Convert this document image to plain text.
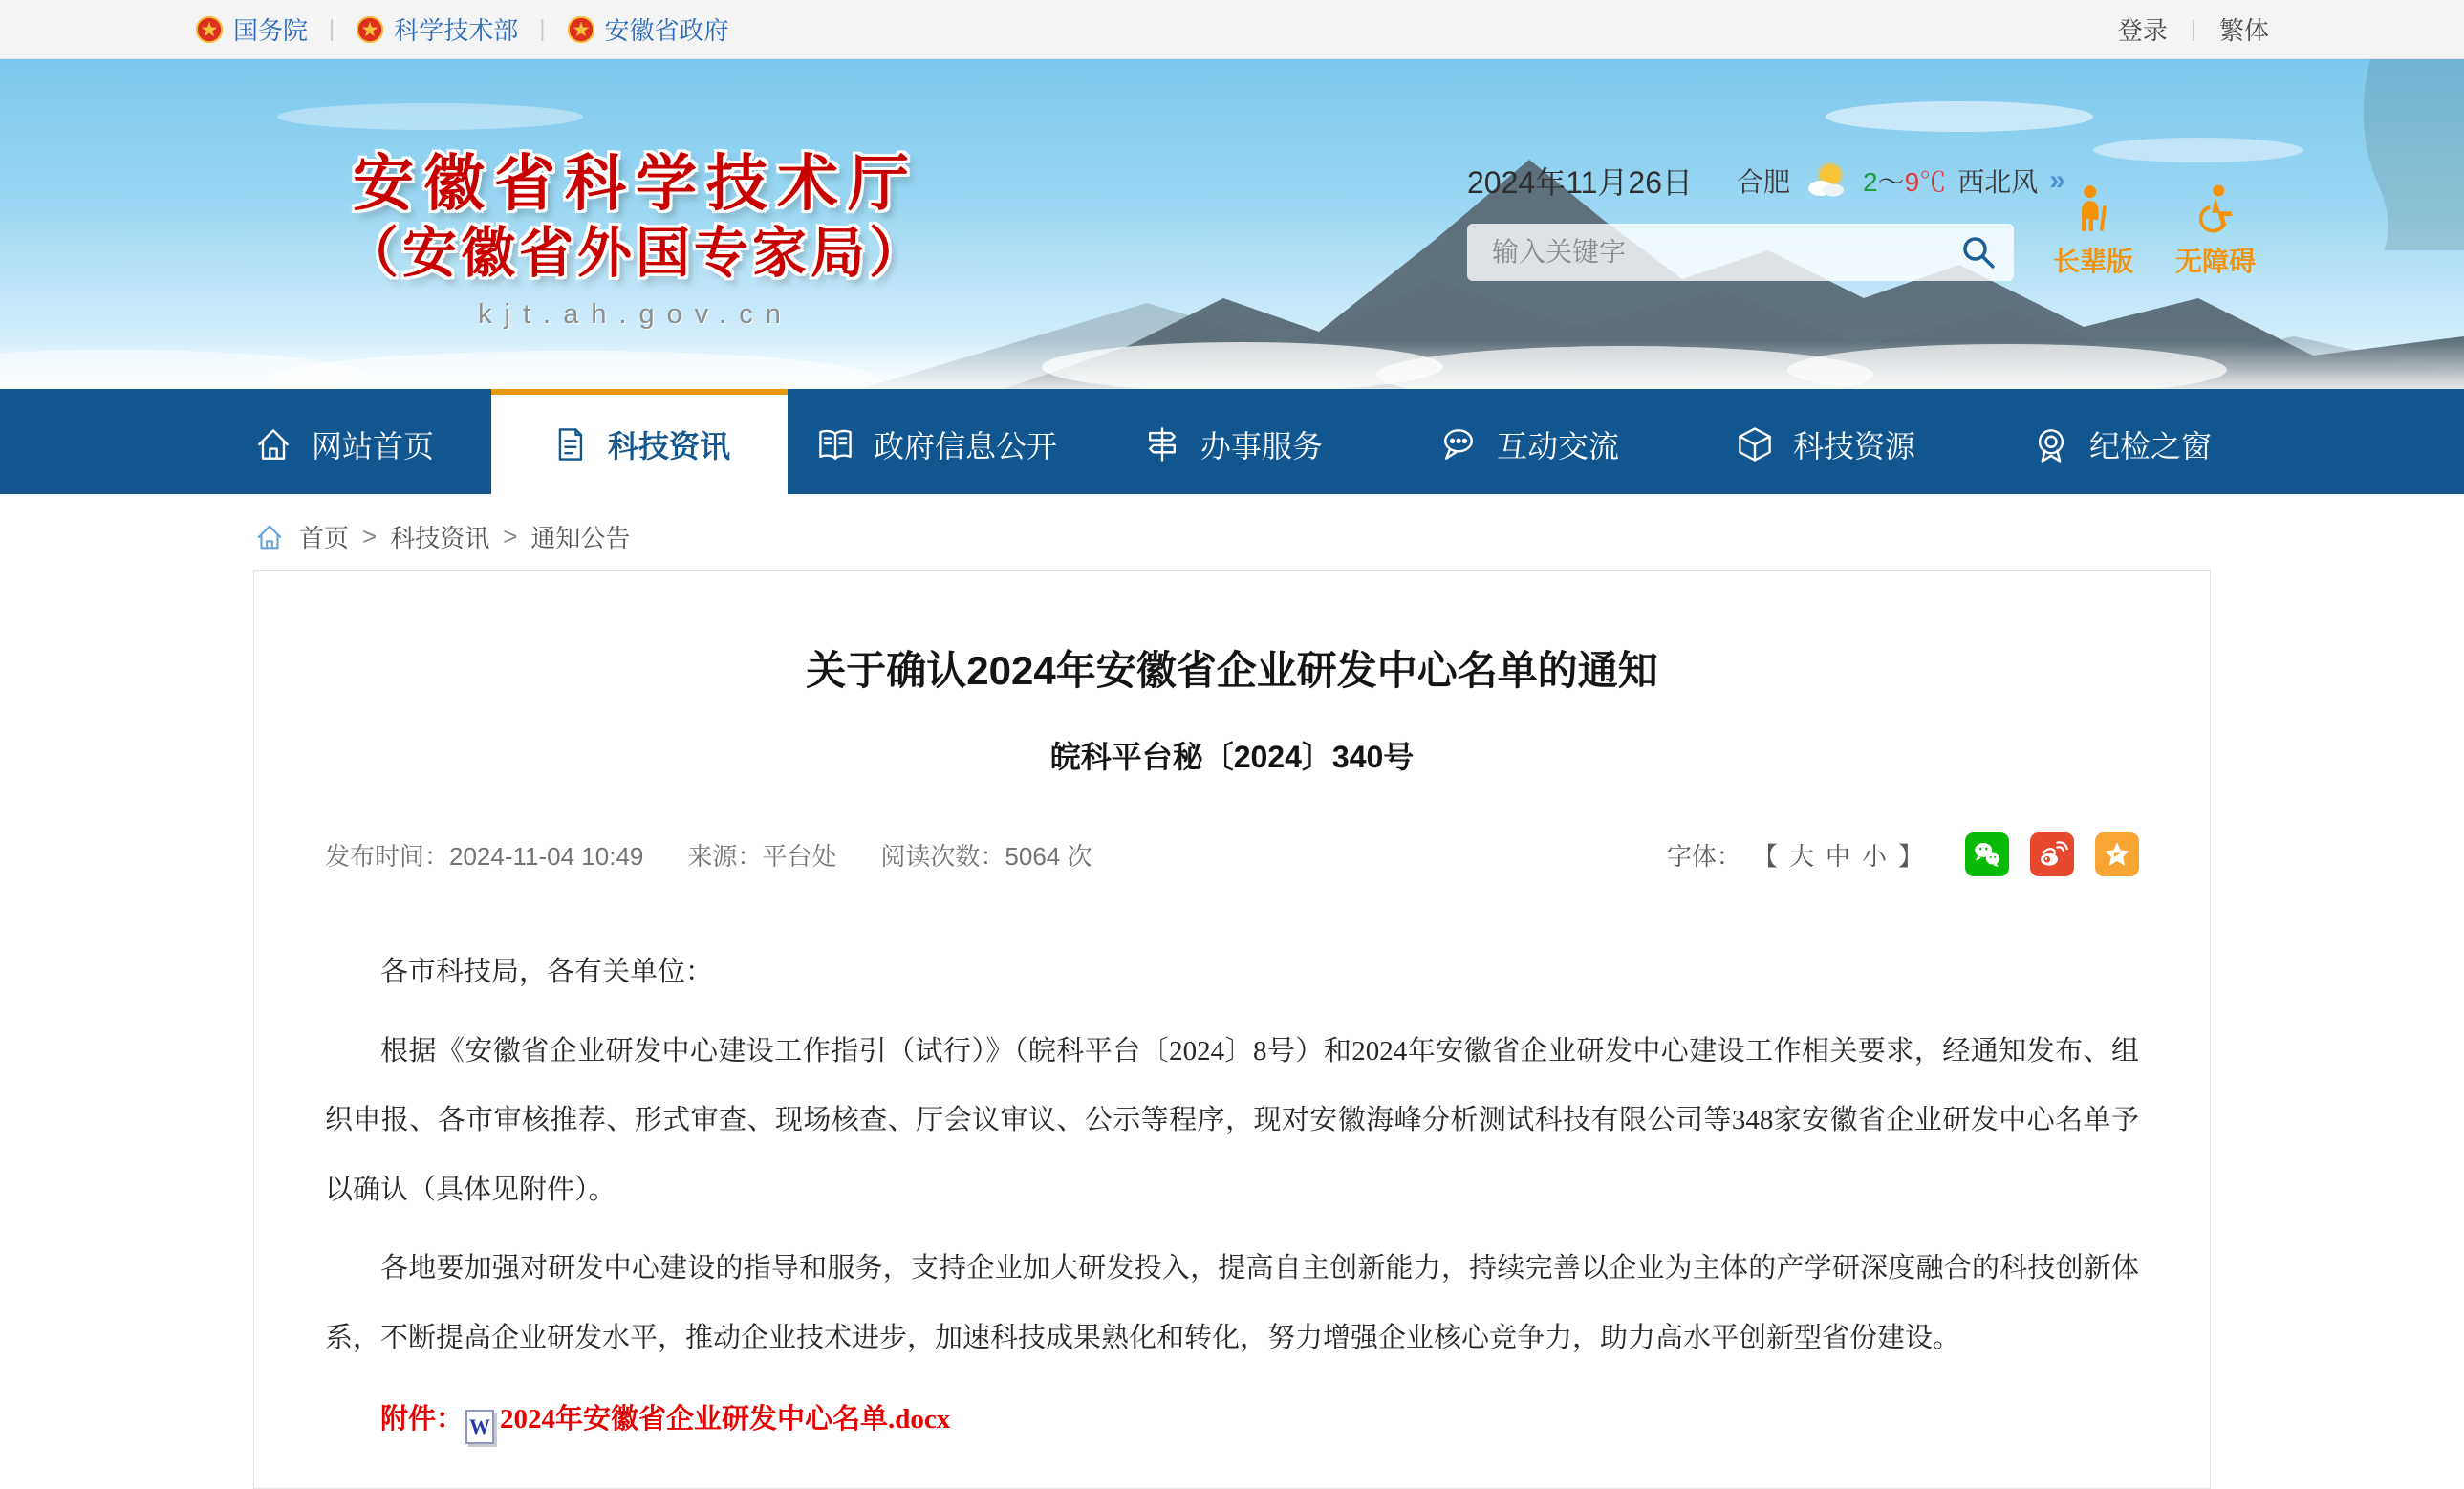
国务院 | 科学技术部 | 安徽省政府	登录 | 繁体
安徽省科学技术厅
（安徽省外国专家局）
kjt.ah.gov.cn
2024年11月26日 合肥	2～9℃ 西北风 »
输入关键字
长辈版 无障碍
网站首页	科技资讯	政府信息公开	办事服务	互动交流	科技资源	纪检之窗
首页 > 科技资讯 > 通知公告
关于确认2024年安徽省企业研发中心名单的通知
皖科平台秘〔2024〕340号
发布时间：2024-11-04 10:49 来源：平台处 阅读次数：5064 次	字体： 【 大 中 小 】

各市科技局，各有关单位：

根据《安徽省企业研发中心建设工作指引（试行）》（皖科平台〔2024〕8号）和2024年安徽省企业研发中心建设工作相关要求，经通知发布、组织申报、各市审核推荐、形式审查、现场核查、厅会议审议、公示等程序，现对安徽海峰分析测试科技有限公司等348家安徽省企业研发中心名单予以确认（具体见附件）。

各地要加强对研发中心建设的指导和服务，支持企业加大研发投入，提高自主创新能力，持续完善以企业为主体的产学研深度融合的科技创新体系，不断提高企业研发水平，推动企业技术进步，加速科技成果熟化和转化，努力增强企业核心竞争力，助力高水平创新型省份建设。

附件： W 2024年安徽省企业研发中心名单.docx
